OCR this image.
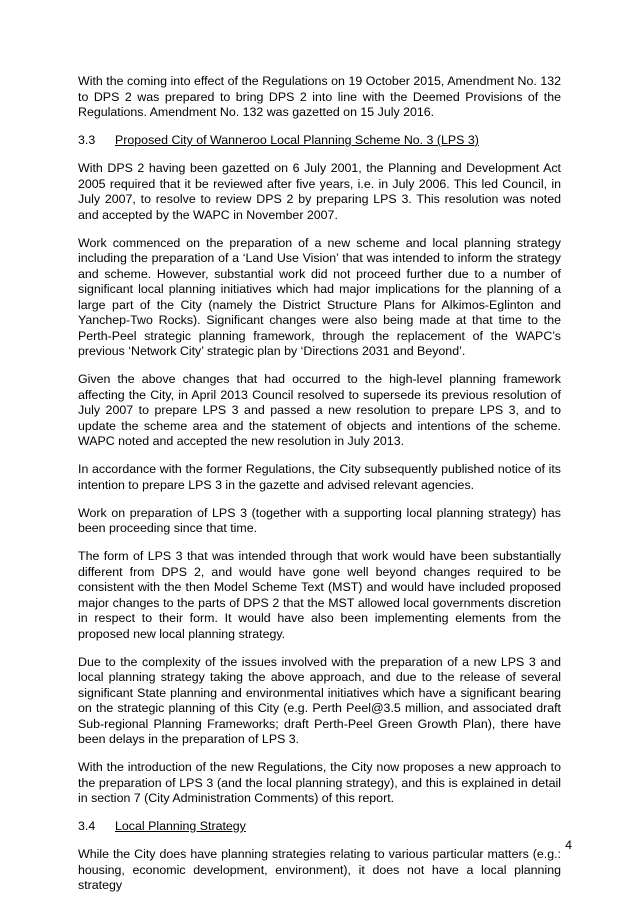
With the coming into effect of the Regulations on 19 October 2015, Amendment No. 132 to DPS 2 was prepared to bring DPS 2 into line with the Deemed Provisions of the Regulations. Amendment No. 132 was gazetted on 15 July 2016.

3.3	Proposed City of Wanneroo Local Planning Scheme No. 3 (LPS 3)

With DPS 2 having been gazetted on 6 July 2001, the Planning and Development Act 2005 required that it be reviewed after five years, i.e. in July 2006. This led Council, in July 2007, to resolve to review DPS 2 by preparing LPS 3. This resolution was noted and accepted by the WAPC in November 2007.

Work commenced on the preparation of a new scheme and local planning strategy including the preparation of a ‘Land Use Vision’ that was intended to inform the strategy and scheme. However, substantial work did not proceed further due to a number of significant local planning initiatives which had major implications for the planning of a large part of the City (namely the District Structure Plans for Alkimos-Eglinton and Yanchep-Two Rocks). Significant changes were also being made at that time to the Perth-Peel strategic planning framework, through the replacement of the WAPC’s previous ‘Network City’ strategic plan by ‘Directions 2031 and Beyond’.

Given the above changes that had occurred to the high-level planning framework affecting the City, in April 2013 Council resolved to supersede its previous resolution of July 2007 to prepare LPS 3 and passed a new resolution to prepare LPS 3, and to update the scheme area and the statement of objects and intentions of the scheme. WAPC noted and accepted the new resolution in July 2013.

In accordance with the former Regulations, the City subsequently published notice of its intention to prepare LPS 3 in the gazette and advised relevant agencies.

Work on preparation of LPS 3 (together with a supporting local planning strategy) has been proceeding since that time.

The form of LPS 3 that was intended through that work would have been substantially different from DPS 2, and would have gone well beyond changes required to be consistent with the then Model Scheme Text (MST) and would have included proposed major changes to the parts of DPS 2 that the MST allowed local governments discretion in respect to their form. It would have also been implementing elements from the proposed new local planning strategy.

Due to the complexity of the issues involved with the preparation of a new LPS 3 and local planning strategy taking the above approach, and due to the release of several significant State planning and environmental initiatives which have a significant bearing on the strategic planning of this City (e.g. Perth Peel@3.5 million, and associated draft Sub-regional Planning Frameworks; draft Perth-Peel Green Growth Plan), there have been delays in the preparation of LPS 3.

With the introduction of the new Regulations, the City now proposes a new approach to the preparation of LPS 3 (and the local planning strategy), and this is explained in detail in section 7 (City Administration Comments) of this report.

3.4	Local Planning Strategy

While the City does have planning strategies relating to various particular matters (e.g.: housing, economic development, environment), it does not have a local planning strategy

4
